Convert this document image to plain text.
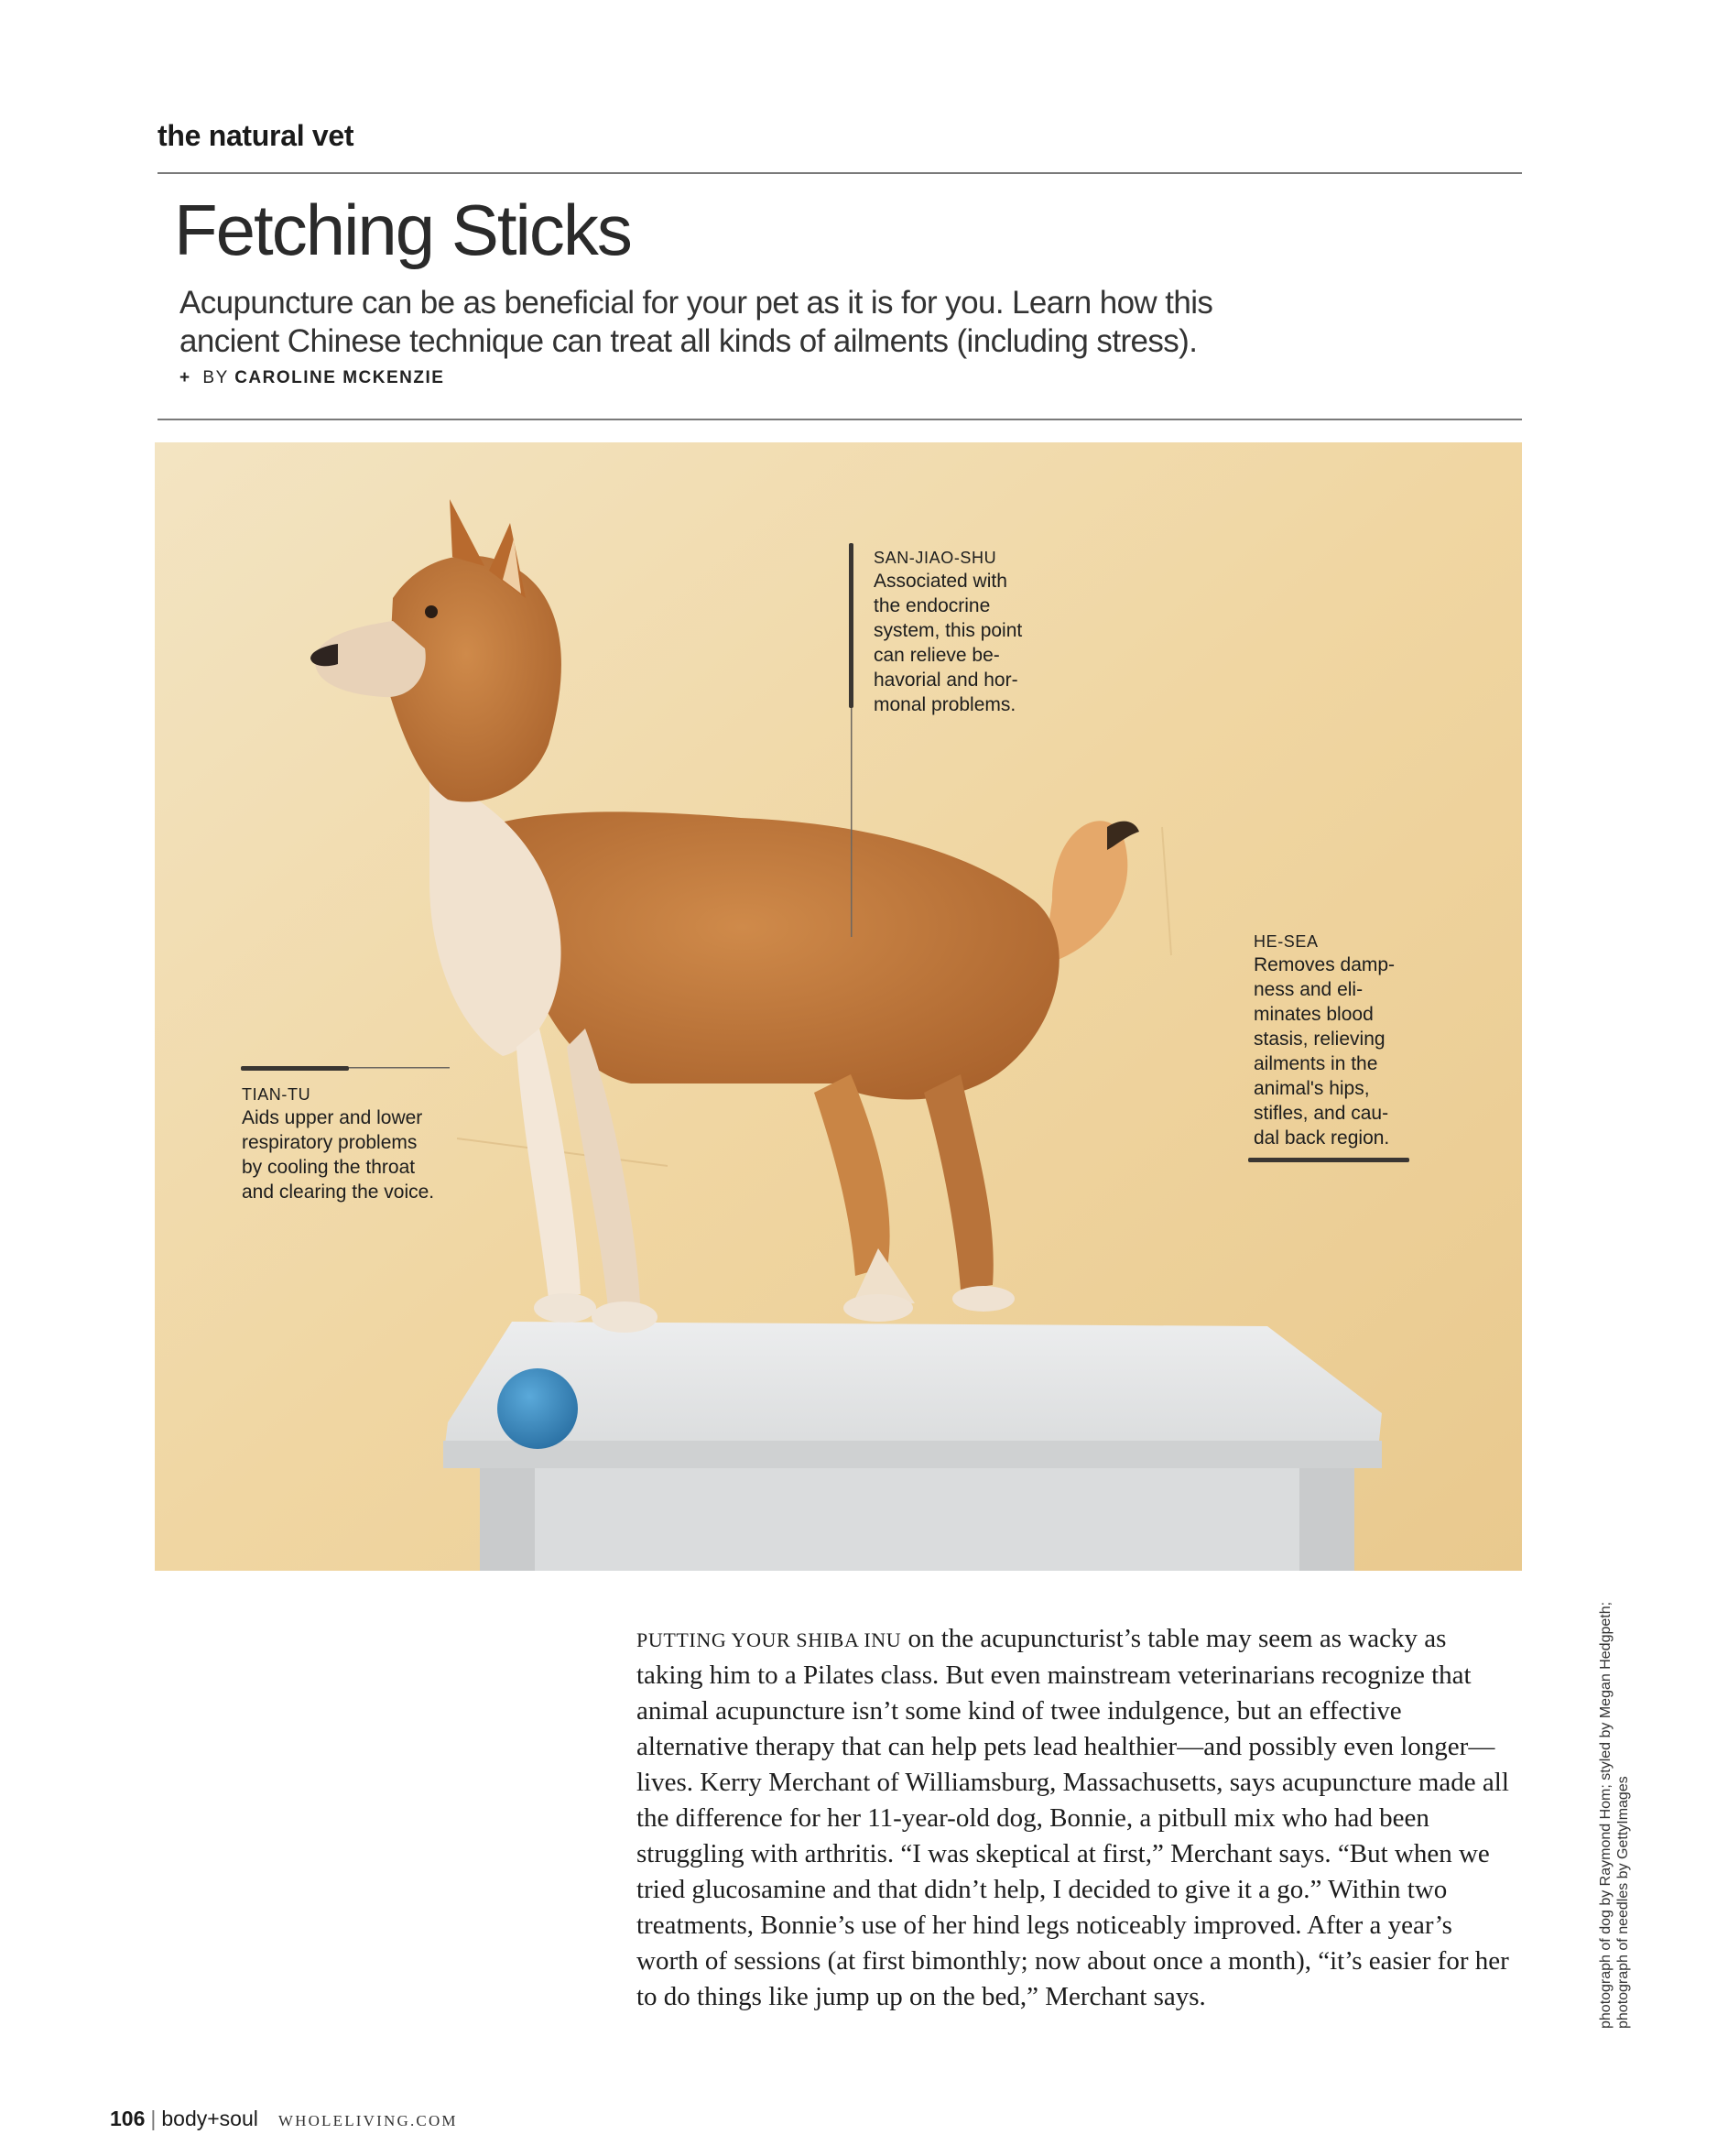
the natural vet
Fetching Sticks
Acupuncture can be as beneficial for your pet as it is for you. Learn how this
ancient Chinese technique can treat all kinds of ailments (including stress).
+ BY CAROLINE MCKENZIE
SAN-JIAO-SHU
Associated with
the endocrine
system, this point
can relieve be-
havorial and hor-
monal problems.
HE-SEA
Removes damp-
ness and eli-
minates blood
stasis, relieving
ailments in the
animal's hips,
stifles, and cau-
dal back region.
TIAN-TU
Aids upper and lower
respiratory problems
by cooling the throat
and clearing the voice.

PUTTING YOUR SHIBA INU on the acupuncturist’s table may seem as wacky as taking him to a Pilates class. But even mainstream veterinarians recognize that animal acupuncture isn’t some kind of twee indulgence, but an effective alternative therapy that can help pets lead healthier—and possibly even longer—lives. Kerry Merchant of Williamsburg, Massachusetts, says acupuncture made all the difference for her 11-year-old dog, Bonnie, a pitbull mix who had been struggling with arthritis. “I was skeptical at first,” Merchant says. “But when we tried glucosamine and that didn’t help, I decided to give it a go.” Within two treatments, Bonnie’s use of her hind legs noticeably improved. After a year’s worth of sessions (at first bimonthly; now about once a month), “it’s easier for her to do things like jump up on the bed,” Merchant says.

106 | body+soul WHOLELIVING.COM
photograph of dog by Raymond Hom; styled by Megan Hedgpeth; photograph of needles by GettyImages
